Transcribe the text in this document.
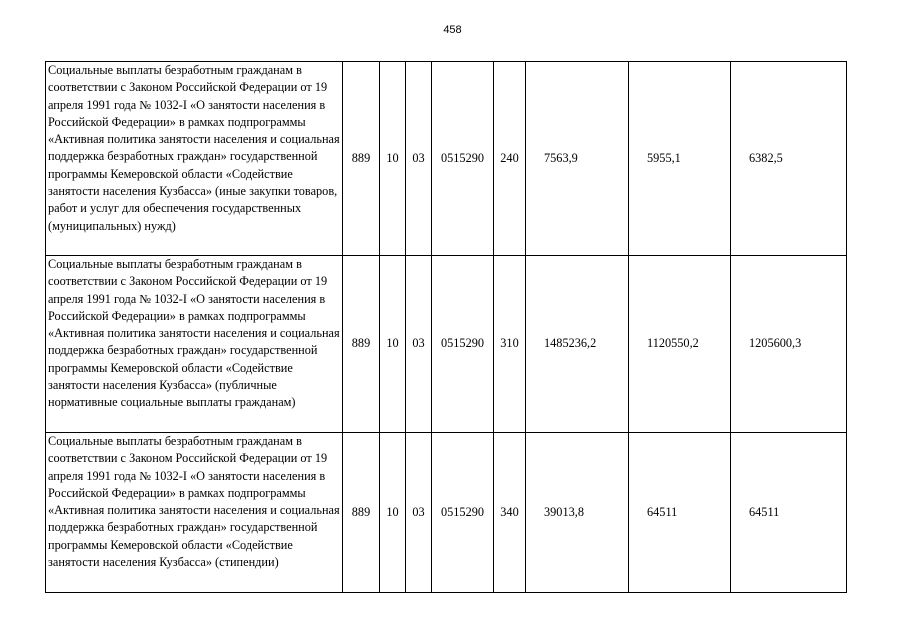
458
Социальные выплаты безработным гражданам в соответствии с Законом Российской Федерации от 19 апреля 1991 года № 1032-I «О занятости населения в Российской Федерации» в рамках подпрограммы «Активная политика занятости населения и социальная поддержка безработных граждан» государственной программы Кемеровской области «Содействие занятости населения Кузбасса» (иные закупки товаров, работ и услуг для обеспечения государственных (муниципальных) нужд)	889	10	03	0515290	240	7563,9	5955,1	6382,5
Социальные выплаты безработным гражданам в соответствии с Законом Российской Федерации от 19 апреля 1991 года № 1032-I «О занятости населения в Российской Федерации» в рамках подпрограммы «Активная политика занятости населения и социальная поддержка безработных граждан» государственной программы Кемеровской области «Содействие занятости населения Кузбасса» (публичные нормативные социальные выплаты гражданам)	889	10	03	0515290	310	1485236,2	1120550,2	1205600,3
Социальные выплаты безработным гражданам в соответствии с Законом Российской Федерации от 19 апреля 1991 года № 1032-I «О занятости населения в Российской Федерации» в рамках подпрограммы «Активная политика занятости населения и социальная поддержка безработных граждан» государственной программы Кемеровской области «Содействие занятости населения Кузбасса» (стипендии)	889	10	03	0515290	340	39013,8	64511	64511
